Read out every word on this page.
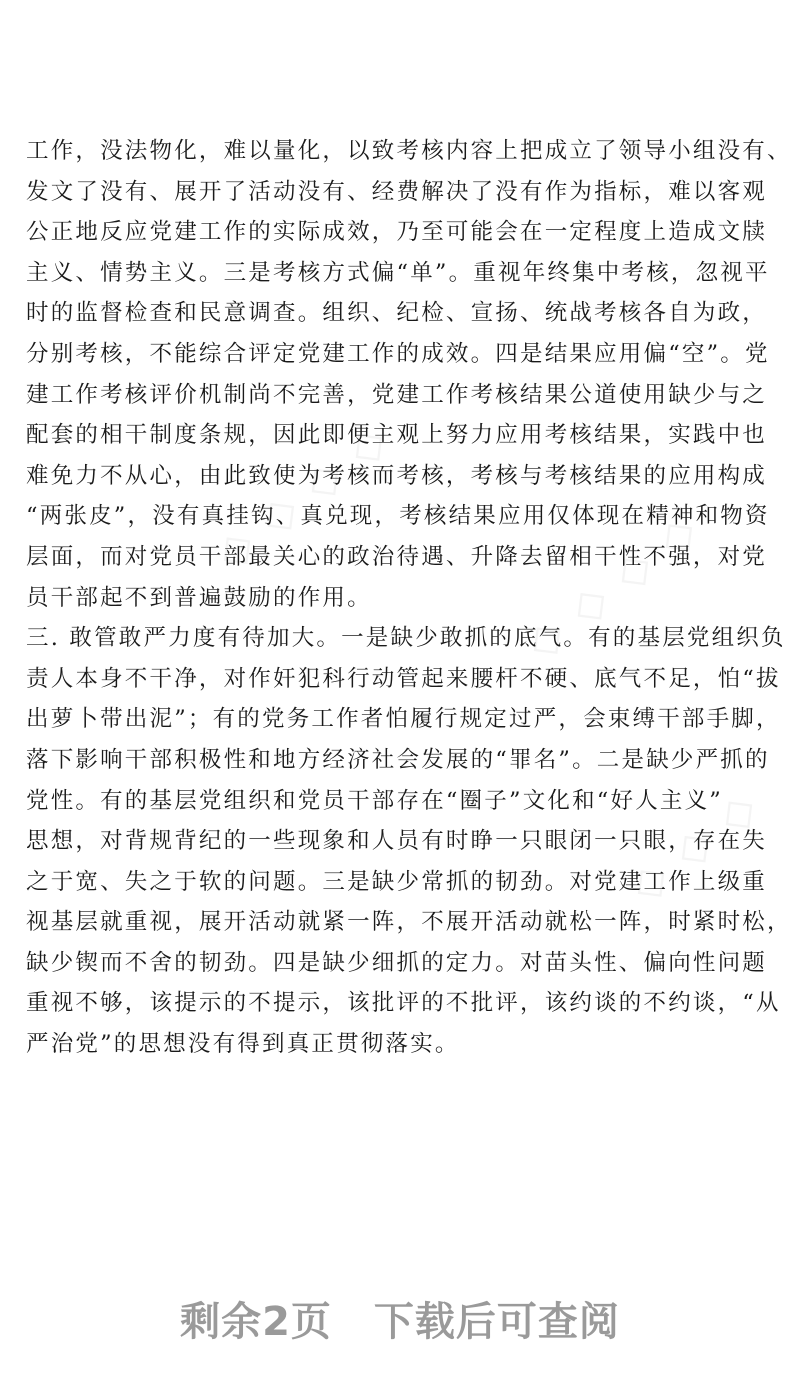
工作，没法物化，难以量化，以致考核内容上把成立了领导小组没有、
发文了没有、展开了活动没有、经费解决了没有作为指标，难以客观
公正地反应党建工作的实际成效，乃至可能会在一定程度上造成文牍
主义、情势主义。三是考核方式偏“单”。重视年终集中考核，忽视平
时的监督检查和民意调查。组织、纪检、宣扬、统战考核各自为政，
分别考核，不能综合评定党建工作的成效。四是结果应用偏“空”。党
建工作考核评价机制尚不完善，党建工作考核结果公道使用缺少与之
配套的相干制度条规，因此即便主观上努力应用考核结果，实践中也
难免力不从心，由此致使为考核而考核，考核与考核结果的应用构成
“两张皮”，没有真挂钩、真兑现，考核结果应用仅体现在精神和物资
层面，而对党员干部最关心的政治待遇、升降去留相干性不强，对党
员干部起不到普遍鼓励的作用。
三. 敢管敢严力度有待加大。一是缺少敢抓的底气。有的基层党组织负
责人本身不干净，对作奸犯科行动管起来腰杆不硬、底气不足，怕“拔
出萝卜带出泥”；有的党务工作者怕履行规定过严，会束缚干部手脚，
落下影响干部积极性和地方经济社会发展的“罪名”。二是缺少严抓的
党性。有的基层党组织和党员干部存在“圈子”文化和“好人主义”
思想，对背规背纪的一些现象和人员有时睁一只眼闭一只眼，存在失
之于宽、失之于软的问题。三是缺少常抓的韧劲。对党建工作上级重
视基层就重视，展开活动就紧一阵，不展开活动就松一阵，时紧时松，
缺少锲而不舍的韧劲。四是缺少细抓的定力。对苗头性、偏向性问题
重视不够，该提示的不提示，该批评的不批评，该约谈的不约谈，“从
严治党”的思想没有得到真正贯彻落实。
剩余2页 下载后可查阅
